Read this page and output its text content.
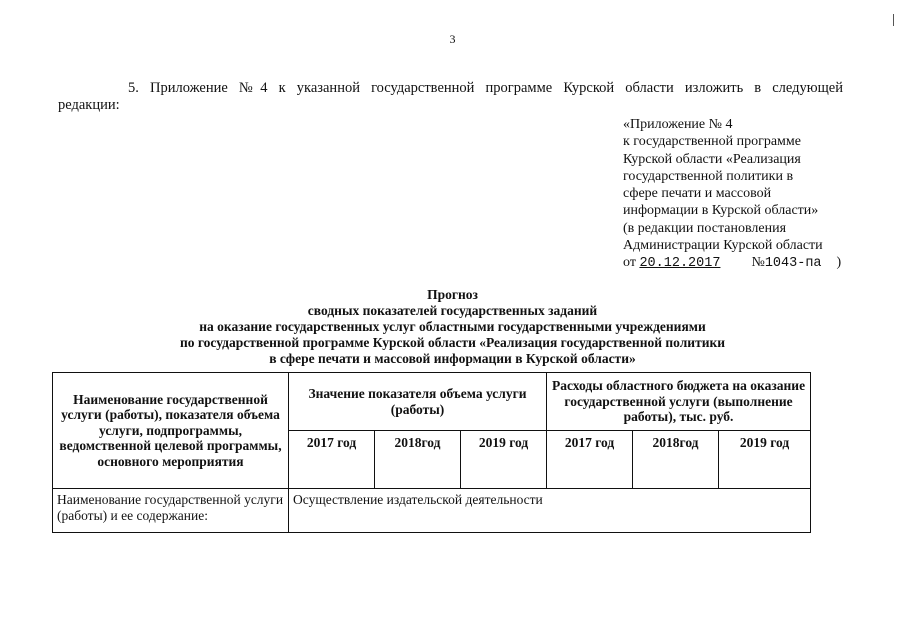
3
5. Приложение №4 к указанной государственной программе Курской области изложить в следующей
редакции:
«Приложение № 4
к государственной программе
Курской области «Реализация
государственной политики в
сфере печати и массовой
информации в Курской области»
(в редакции постановления
Администрации Курской области
от 20.12.2017 №1043-па )
Прогноз
сводных показателей государственных заданий
на оказание государственных услуг областными государственными учреждениями
по государственной программе Курской области «Реализация государственной политики
в сфере печати и массовой информации в Курской области»
Наименование государственной услуги (работы), показателя объема услуги, подпрограммы, ведомственной целевой программы, основного мероприятия	Значение показателя объема услуги (работы)			Расходы областного бюджета на оказание государственной услуги (выполнение работы), тыс. руб.		
	2017 год	2018год	2019 год	2017 год	2018год	2019 год
Наименование государственной услуги (работы) и ее содержание:	Осуществление издательской деятельности					
